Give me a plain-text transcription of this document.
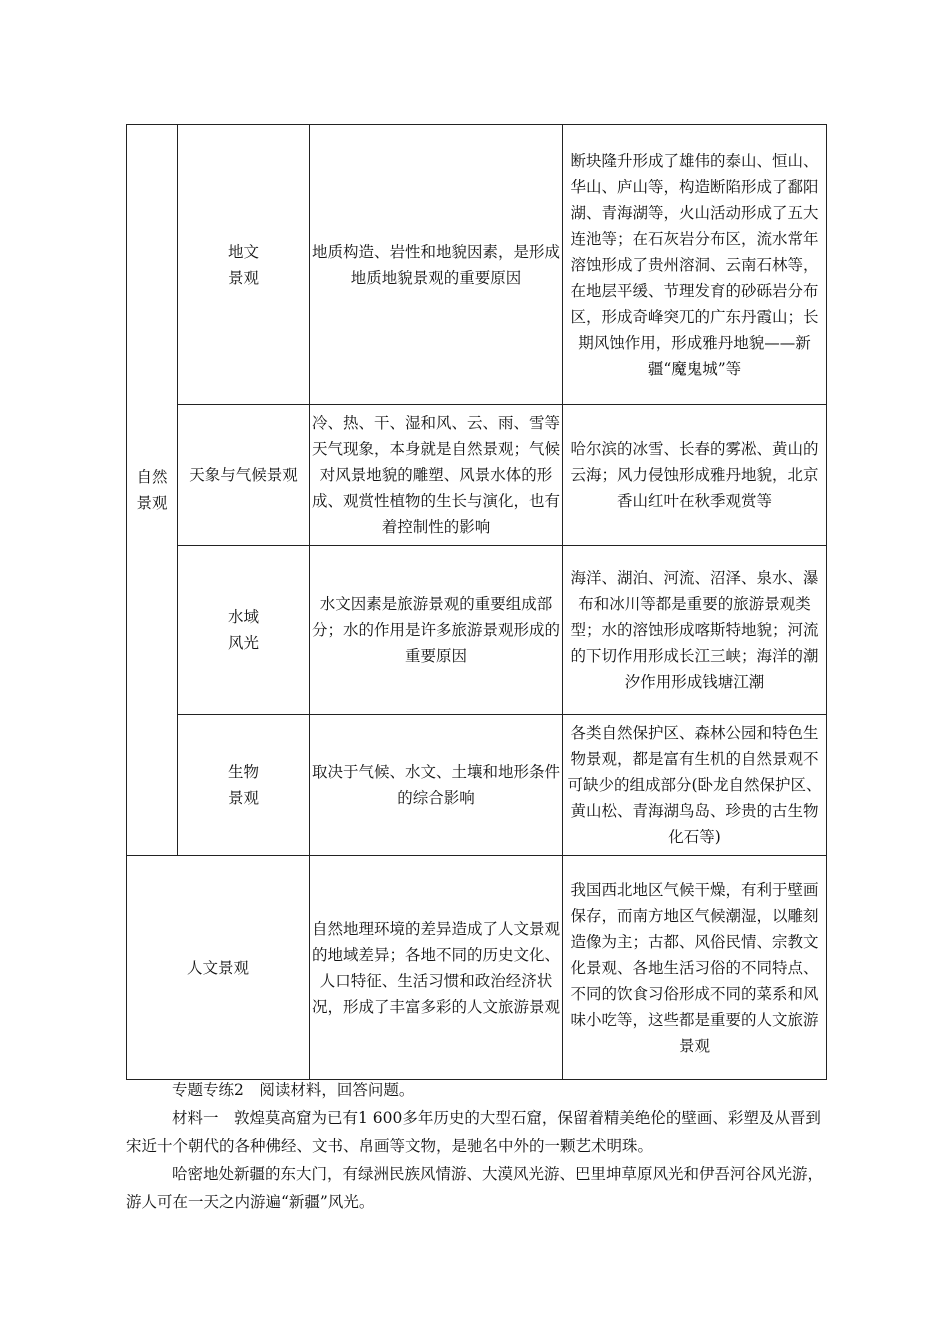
自然景观	地文景观	地质构造、岩性和地貌因素，是形成地质地貌景观的重要原因	断块隆升形成了雄伟的泰山、恒山、华山、庐山等，构造断陷形成了鄱阳湖、青海湖等，火山活动形成了五大连池等；在石灰岩分布区，流水常年溶蚀形成了贵州溶洞、云南石林等，在地层平缓、节理发育的砂砾岩分布区，形成奇峰突兀的广东丹霞山；长期风蚀作用，形成雅丹地貌——新疆“魔鬼城”等

	天象与气候景观	冷、热、干、湿和风、云、雨、雪等天气现象，本身就是自然景观；气候对风景地貌的雕塑、风景水体的形成、观赏性植物的生长与演化，也有着控制性的影响	哈尔滨的冰雪、长春的雾凇、黄山的云海；风力侵蚀形成雅丹地貌，北京香山红叶在秋季观赏等

	水域风光	水文因素是旅游景观的重要组成部分；水的作用是许多旅游景观形成的重要原因	海洋、湖泊、河流、沼泽、泉水、瀑布和冰川等都是重要的旅游景观类型；水的溶蚀形成喀斯特地貌；河流的下切作用形成长江三峡；海洋的潮汐作用形成钱塘江潮

	生物景观	取决于气候、水文、土壤和地形条件的综合影响	各类自然保护区、森林公园和特色生物景观，都是富有生机的自然景观不可缺少的组成部分(卧龙自然保护区、黄山松、青海湖鸟岛、珍贵的古生物化石等)

人文景观		自然地理环境的差异造成了人文景观的地域差异；各地不同的历史文化、人口特征、生活习惯和政治经济状况，形成了丰富多彩的人文旅游景观	我国西北地区气候干燥，有利于壁画保存，而南方地区气候潮湿，以雕刻造像为主；古都、风俗民情、宗教文化景观、各地生活习俗的不同特点、不同的饮食习俗形成不同的菜系和风味小吃等，这些都是重要的人文旅游景观
专题专练2　阅读材料，回答问题。

材料一　敦煌莫高窟为已有1 600多年历史的大型石窟，保留着精美绝伦的壁画、彩塑及从晋到宋近十个朝代的各种佛经、文书、帛画等文物，是驰名中外的一颗艺术明珠。

哈密地处新疆的东大门，有绿洲民族风情游、大漠风光游、巴里坤草原风光和伊吾河谷风光游，游人可在一天之内游遍“新疆”风光。
